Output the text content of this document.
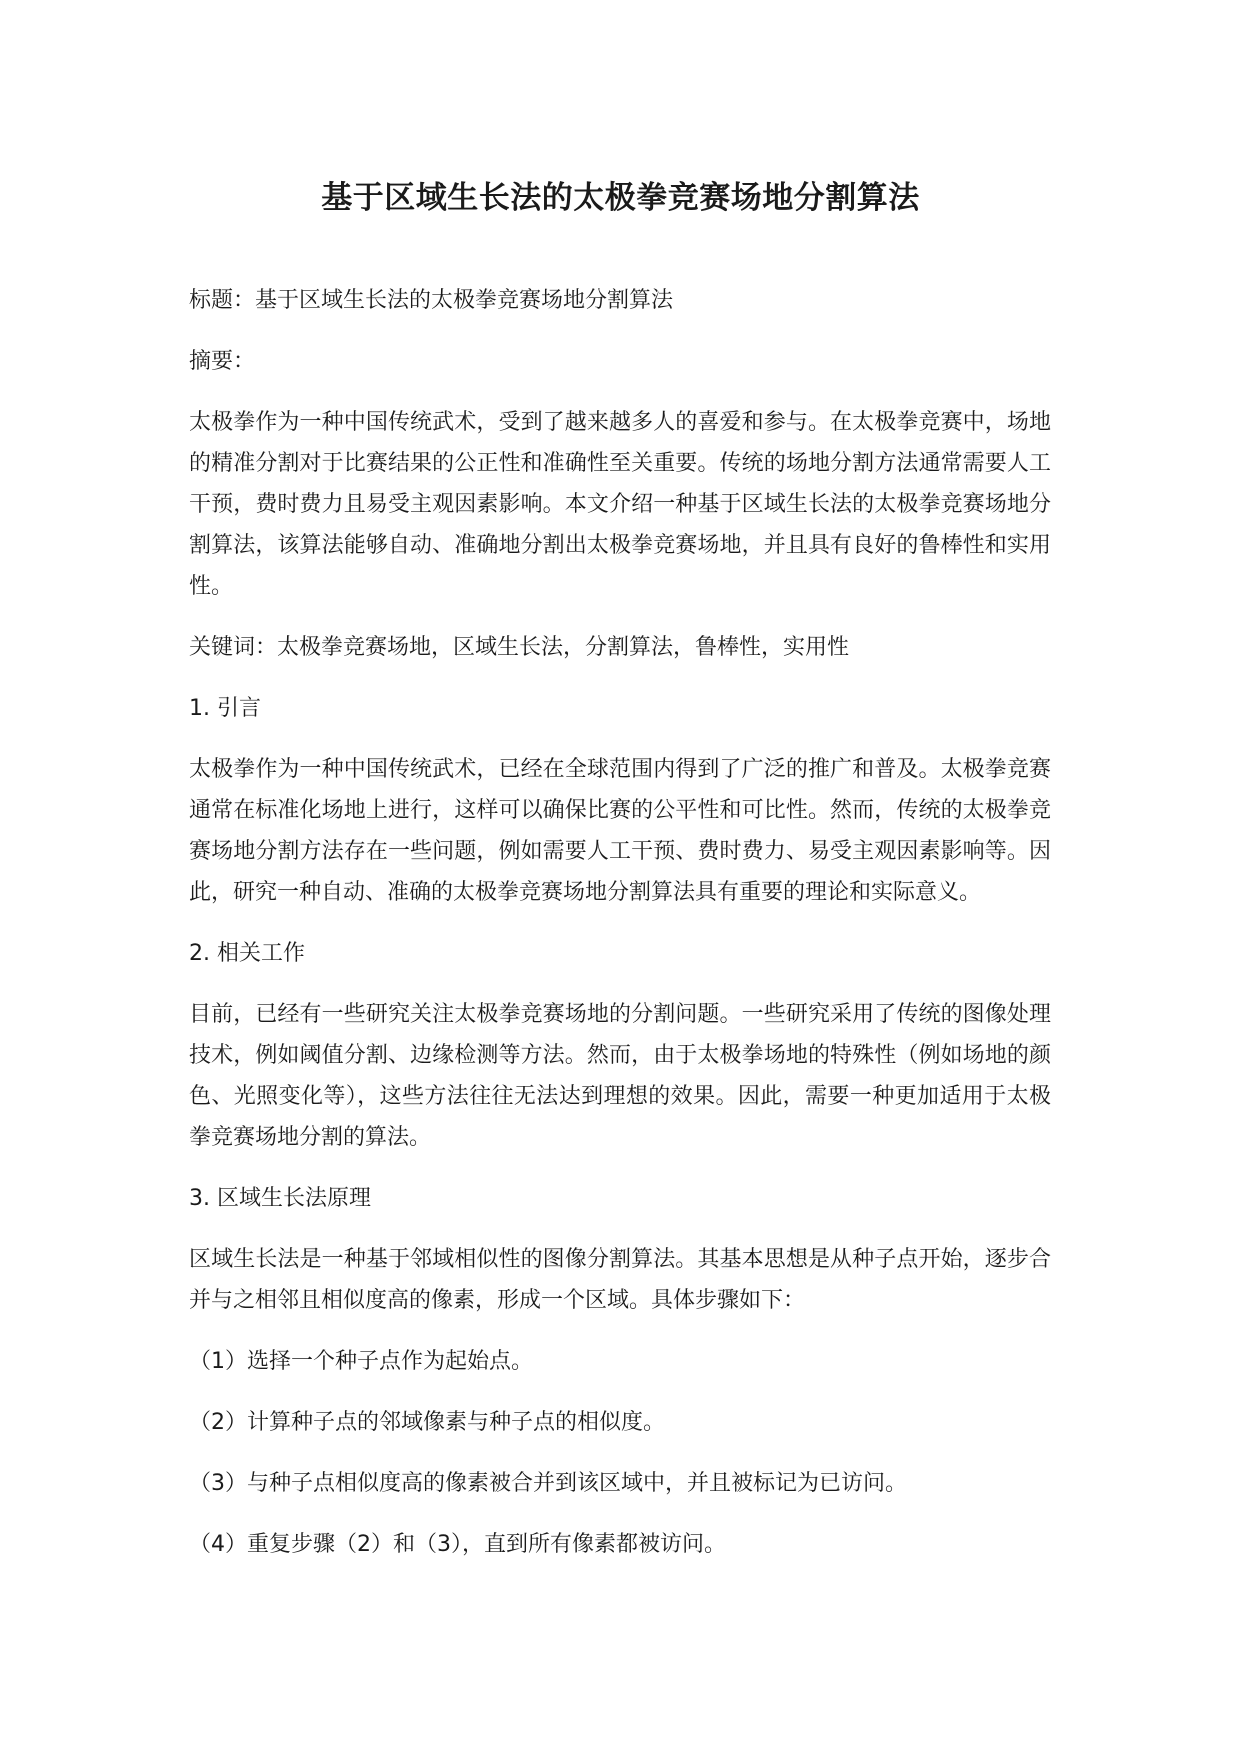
基于区域生长法的太极拳竞赛场地分割算法

标题：基于区域生长法的太极拳竞赛场地分割算法

摘要：

太极拳作为一种中国传统武术，受到了越来越多人的喜爱和参与。在太极拳竞赛中，场地的精准分割对于比赛结果的公正性和准确性至关重要。传统的场地分割方法通常需要人工干预，费时费力且易受主观因素影响。本文介绍一种基于区域生长法的太极拳竞赛场地分割算法，该算法能够自动、准确地分割出太极拳竞赛场地，并且具有良好的鲁棒性和实用性。

关键词：太极拳竞赛场地，区域生长法，分割算法，鲁棒性，实用性

1. 引言

太极拳作为一种中国传统武术，已经在全球范围内得到了广泛的推广和普及。太极拳竞赛通常在标准化场地上进行，这样可以确保比赛的公平性和可比性。然而，传统的太极拳竞赛场地分割方法存在一些问题，例如需要人工干预、费时费力、易受主观因素影响等。因此，研究一种自动、准确的太极拳竞赛场地分割算法具有重要的理论和实际意义。

2. 相关工作

目前，已经有一些研究关注太极拳竞赛场地的分割问题。一些研究采用了传统的图像处理技术，例如阈值分割、边缘检测等方法。然而，由于太极拳场地的特殊性（例如场地的颜色、光照变化等），这些方法往往无法达到理想的效果。因此，需要一种更加适用于太极拳竞赛场地分割的算法。

3. 区域生长法原理

区域生长法是一种基于邻域相似性的图像分割算法。其基本思想是从种子点开始，逐步合并与之相邻且相似度高的像素，形成一个区域。具体步骤如下：

（1）选择一个种子点作为起始点。

（2）计算种子点的邻域像素与种子点的相似度。

（3）与种子点相似度高的像素被合并到该区域中，并且被标记为已访问。

（4）重复步骤（2）和（3），直到所有像素都被访问。
